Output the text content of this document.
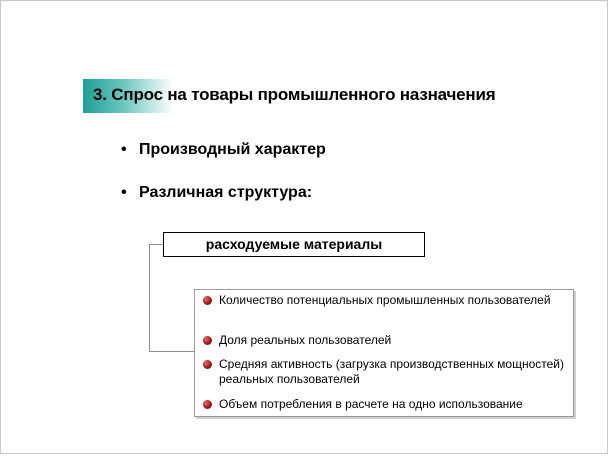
3. Спрос на товары промышленного назначения
• Производный характер
• Различная структура:
расходуемые материалы
Количество потенциальных промышленных пользователей
Доля реальных пользователей
Средняя активность (загрузка производственных мощностей) реальных пользователей
Объем потребления в расчете на одно использование
